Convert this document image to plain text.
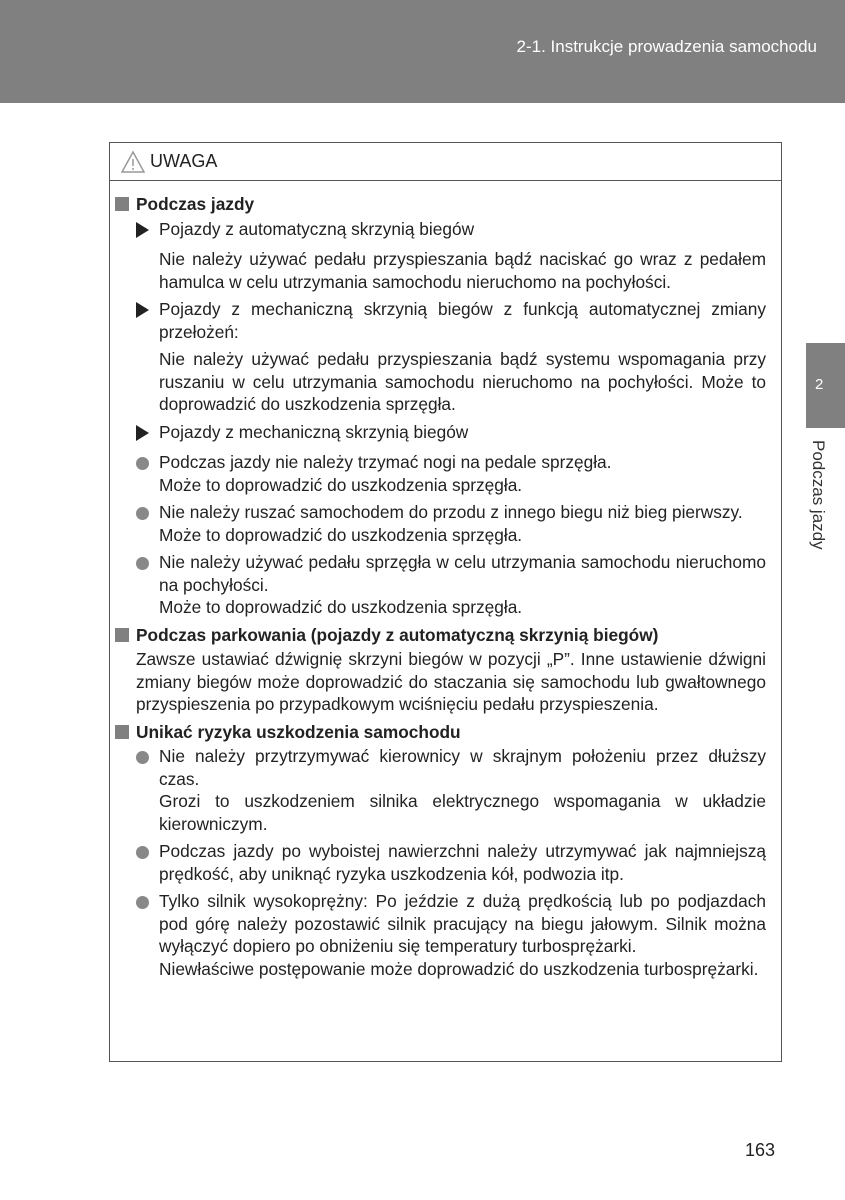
2-1. Instrukcje prowadzenia samochodu
2
Podczas jazdy
UWAGA
Podczas jazdy
Pojazdy z automatyczną skrzynią biegów
Nie należy używać pedału przyspieszania bądź naciskać go wraz z pedałem hamulca w celu utrzymania samochodu nieruchomo na pochyłości.
Pojazdy z mechaniczną skrzynią biegów z funkcją automatycznej zmiany przełożeń:
Nie należy używać pedału przyspieszania bądź systemu wspomagania przy ruszaniu w celu utrzymania samochodu nieruchomo na pochyłości. Może to doprowadzić do uszkodzenia sprzęgła.
Pojazdy z mechaniczną skrzynią biegów
Podczas jazdy nie należy trzymać nogi na pedale sprzęgła.
Może to doprowadzić do uszkodzenia sprzęgła.
Nie należy ruszać samochodem do przodu z innego biegu niż bieg pierwszy.
Może to doprowadzić do uszkodzenia sprzęgła.
Nie należy używać pedału sprzęgła w celu utrzymania samochodu nieruchomo na pochyłości.
Może to doprowadzić do uszkodzenia sprzęgła.
Podczas parkowania (pojazdy z automatyczną skrzynią biegów)
Zawsze ustawiać dźwignię skrzyni biegów w pozycji „P”. Inne ustawienie dźwigni zmiany biegów może doprowadzić do staczania się samochodu lub gwałtownego przyspieszenia po przypadkowym wciśnięciu pedału przyspieszenia.
Unikać ryzyka uszkodzenia samochodu
Nie należy przytrzymywać kierownicy w skrajnym położeniu przez dłuższy czas.
Grozi to uszkodzeniem silnika elektrycznego wspomagania w układzie kierowniczym.
Podczas jazdy po wyboistej nawierzchni należy utrzymywać jak najmniejszą prędkość, aby uniknąć ryzyka uszkodzenia kół, podwozia itp.
Tylko silnik wysokoprężny: Po jeździe z dużą prędkością lub po podjazdach pod górę należy pozostawić silnik pracujący na biegu jałowym. Silnik można wyłączyć dopiero po obniżeniu się temperatury turbosprężarki.
Niewłaściwe postępowanie może doprowadzić do uszkodzenia turbosprężarki.
163
